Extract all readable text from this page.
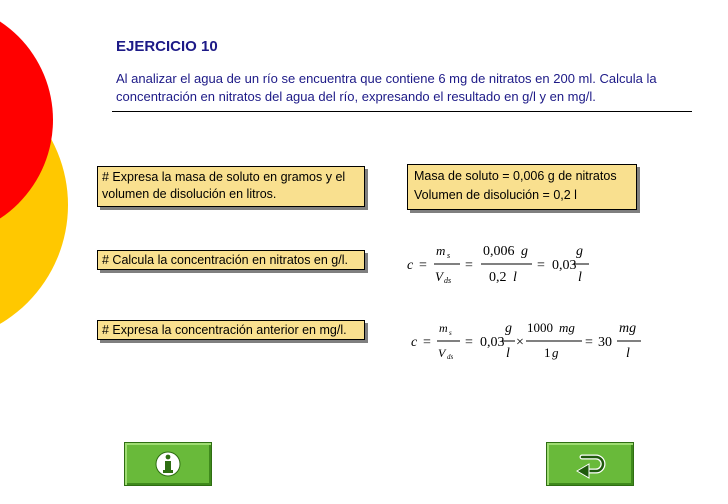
EJERCICIO 10
Al analizar el agua de un río se encuentra que contiene 6 mg de nitratos en 200 ml. Calcula la concentración en nitratos del agua del río, expresando el resultado en g/l y en mg/l.
# Expresa la masa de soluto en gramos y el volumen de disolución en litros.
# Calcula la concentración en nitratos en g/l.
# Expresa la concentración anterior en mg/l.
Masa de soluto = 0,006 g de nitratos
Volumen de disolución = 0,2 l
c =
m s
V ds
=
0,006 g
0,2 l
= 0,03
g
l
c =
m s
V ds
= 0,03
g
l
×
1000 mg
1 g
= 30
mg
l
